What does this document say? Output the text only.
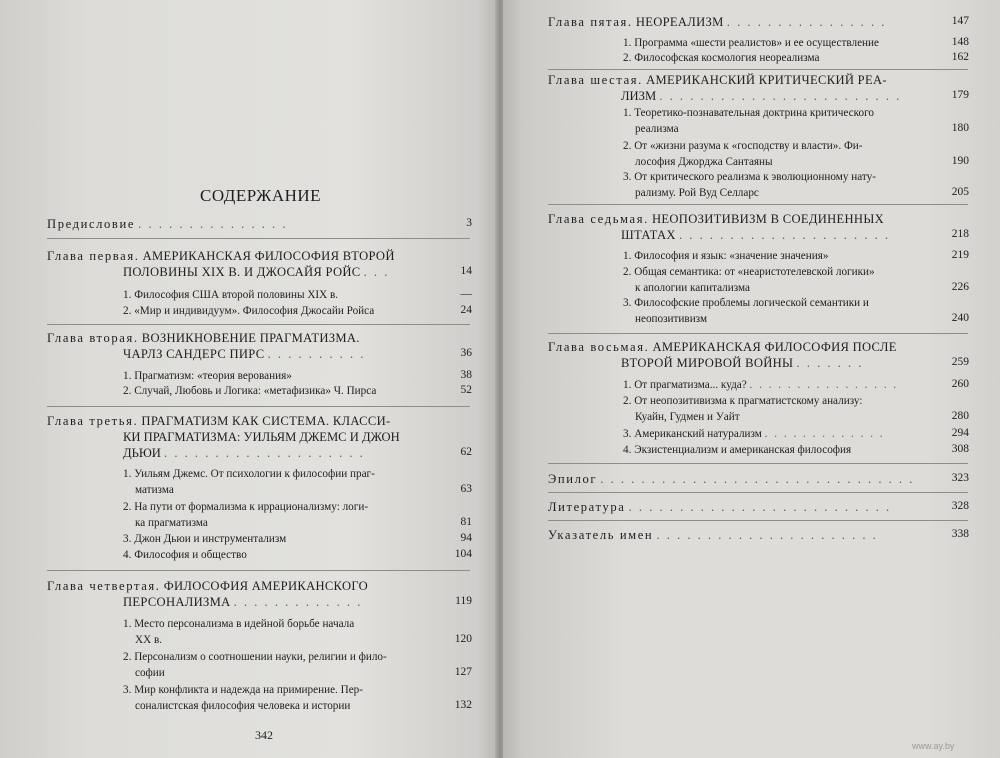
СОДЕРЖАНИЕ
Предисловие . . . . . . . . . . . . . . .	3
Глава первая. АМЕРИКАНСКАЯ ФИЛОСОФИЯ ВТОРОЙ
ПОЛОВИНЫ XIX В. И ДЖОСАЙЯ РОЙС . . .	14
1. Философия США второй половины XIX в.	—
2. «Мир и индивидуум». Философия Джосайи Ройса	24
Глава вторая. ВОЗНИКНОВЕНИЕ ПРАГМАТИЗМА.
ЧАРЛЗ САНДЕРС ПИРС . . . . . . . . . .	36
1. Прагматизм: «теория верования»	38
2. Случай, Любовь и Логика: «метафизика» Ч. Пирса	52
Глава третья. ПРАГМАТИЗМ КАК СИСТЕМА. КЛАССИ-
КИ ПРАГМАТИЗМА: УИЛЬЯМ ДЖЕМС И ДЖОН
ДЬЮИ . . . . . . . . . . . . . . . . . . . .	62
1. Уильям Джемс. От психологии к философии праг-
матизма	63
2. На пути от формализма к иррационализму: логи-
ка прагматизма	81
3. Джон Дьюи и инструментализм	94
4. Философия и общество	104
Глава четвертая. ФИЛОСОФИЯ АМЕРИКАНСКОГО
ПЕРСОНАЛИЗМА . . . . . . . . . . . . .	119
1. Место персонализма в идейной борьбе начала
XX в.	120
2. Персонализм о соотношении науки, религии и фило-
софии	127
3. Мир конфликта и надежда на примирение. Пер-
соналистская философия человека и истории	132
342
Глава пятая. НЕОРЕАЛИЗМ . . . . . . . . . . . . . . . .	147
1. Программа «шести реалистов» и ее осуществление	148
2. Философская космология неореализма	162
Глава шестая. АМЕРИКАНСКИЙ КРИТИЧЕСКИЙ РЕА-
ЛИЗМ . . . . . . . . . . . . . . . . . . . . . . . .	179
1. Теоретико-познавательная доктрина критического
реализма	180
2. От «жизни разума к «господству и власти». Фи-
лософия Джорджа Сантаяны	190
3. От критического реализма к эволюционному нату-
рализму. Рой Вуд Селларс	205
Глава седьмая. НЕОПОЗИТИВИЗМ В СОЕДИНЕННЫХ
ШТАТАХ . . . . . . . . . . . . . . . . . . . . .	218
1. Философия и язык: «значение значения»	219
2. Общая семантика: от «неаристотелевской логики»
к апологии капитализма	226
3. Философские проблемы логической семантики и
неопозитивизм	240
Глава восьмая. АМЕРИКАНСКАЯ ФИЛОСОФИЯ ПОСЛЕ
ВТОРОЙ МИРОВОЙ ВОЙНЫ . . . . . . .	259
1. От прагматизма... куда? . . . . . . . . . . . . . . . .	260
2. От неопозитивизма к прагматистскому анализу:
Куайн, Гудмен и Уайт	280
3. Американский натурализм . . . . . . . . . . . . .	294
4. Экзистенциализм и американская философия	308
Эпилог . . . . . . . . . . . . . . . . . . . . . . . . . . . . . . .	323
Литература . . . . . . . . . . . . . . . . . . . . . . . . . .	328
Указатель имен . . . . . . . . . . . . . . . . . . . . . .	338
www.ay.by
